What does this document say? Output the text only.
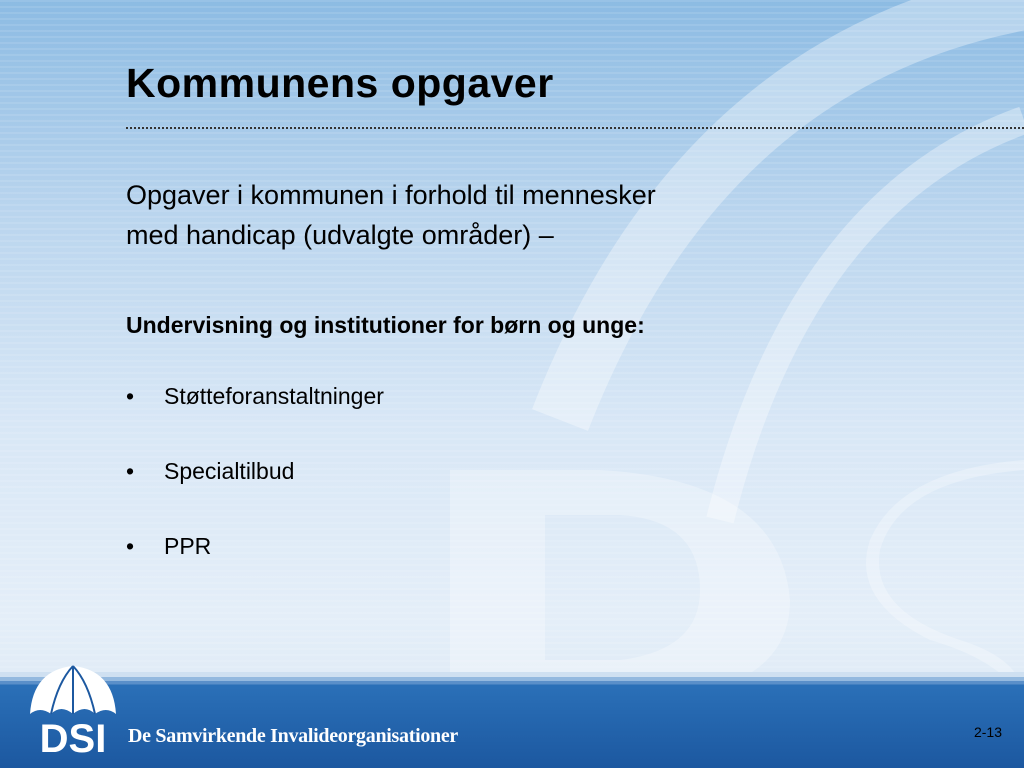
Kommunens opgaver
Opgaver i kommunen i forhold til mennesker
med handicap (udvalgte områder) –
Undervisning og institutioner for børn og unge:
•	Støtteforanstaltninger
•	Specialtilbud
•	PPR
DSI De Samvirkende Invalideorganisationer	2-13
